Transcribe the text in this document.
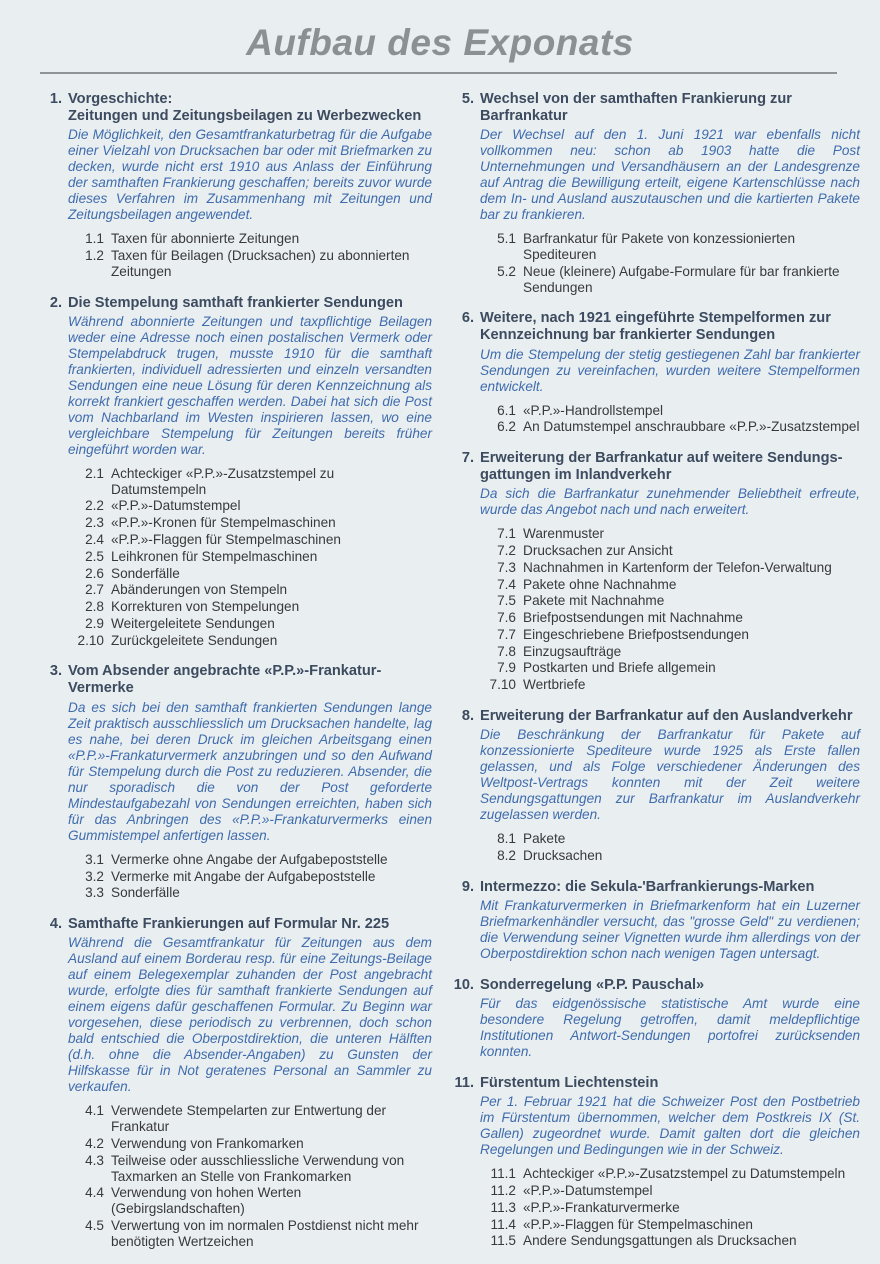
Aufbau des Exponats
1. Vorgeschichte:
Zeitungen und Zeitungsbeilagen zu Werbezwecken

Die Möglichkeit, den Gesamtfrankaturbetrag für die Aufgabe einer Vielzahl von Drucksachen bar oder mit Briefmarken zu decken, wurde nicht erst 1910 aus Anlass der Einführung der samthaften Frankierung geschaffen; bereits zuvor wurde dieses Verfahren im Zusammenhang mit Zeitungen und Zeitungsbeilagen angewendet.

1.1 Taxen für abonnierte Zeitungen
1.2 Taxen für Beilagen (Drucksachen) zu abonnierten Zeitungen
2. Die Stempelung samthaft frankierter Sendungen

Während abonnierte Zeitungen und taxpflichtige Beilagen weder eine Adresse noch einen postalischen Vermerk oder Stempelabdruck trugen, musste 1910 für die samthaft frankierten, individuell adressierten und einzeln versandten Sendungen eine neue Lösung für deren Kennzeichnung als korrekt frankiert geschaffen werden. Dabei hat sich die Post vom Nachbarland im Westen inspirieren lassen, wo eine vergleichbare Stempelung für Zeitungen bereits früher eingeführt worden war.

2.1 Achteckiger «P.P.»-Zusatzstempel zu Datumstempeln
2.2 «P.P.»-Datumstempel
2.3 «P.P.»-Kronen für Stempelmaschinen
2.4 «P.P.»-Flaggen für Stempelmaschinen
2.5 Leihkronen für Stempelmaschinen
2.6 Sonderfälle
2.7 Abänderungen von Stempeln
2.8 Korrekturen von Stempelungen
2.9 Weitergeleitete Sendungen
2.10 Zurückgeleitete Sendungen
3. Vom Absender angebrachte «P.P.»-Frankatur-Vermerke

Da es sich bei den samthaft frankierten Sendungen lange Zeit praktisch ausschliesslich um Drucksachen handelte, lag es nahe, bei deren Druck im gleichen Arbeitsgang einen «P.P.»-Frankaturvermerk anzubringen und so den Aufwand für Stempelung durch die Post zu reduzieren. Absender, die nur sporadisch die von der Post geforderte Mindestaufgabezahl von Sendungen erreichten, haben sich für das Anbringen des «P.P.»-Frankaturvermerks einen Gummistempel anfertigen lassen.

3.1 Vermerke ohne Angabe der Aufgabepoststelle
3.2 Vermerke mit Angabe der Aufgabepoststelle
3.3 Sonderfälle
4. Samthafte Frankierungen auf Formular Nr. 225

Während die Gesamtfrankatur für Zeitungen aus dem Ausland auf einem Borderau resp. für eine Zeitungs-Beilage auf einem Belegexemplar zuhanden der Post angebracht wurde, erfolgte dies für samthaft frankierte Sendungen auf einem eigens dafür geschaffenen Formular. Zu Beginn war vorgesehen, diese periodisch zu verbrennen, doch schon bald entschied die Oberpostdirektion, die unteren Hälften (d.h. ohne die Absender-Angaben) zu Gunsten der Hilfskasse für in Not geratenes Personal an Sammler zu verkaufen.

4.1 Verwendete Stempelarten zur Entwertung der Frankatur
4.2 Verwendung von Frankomarken
4.3 Teilweise oder ausschliessliche Verwendung von Taxmarken an Stelle von Frankomarken
4.4 Verwendung von hohen Werten (Gebirgslandschaften)
4.5 Verwertung von im normalen Postdienst nicht mehr benötigten Wertzeichen
5. Wechsel von der samthaften Frankierung zur
Barfrankatur

Der Wechsel auf den 1. Juni 1921 war ebenfalls nicht vollkommen neu: schon ab 1903 hatte die Post Unternehmungen und Versandhäusern an der Landesgrenze auf Antrag die Bewilligung erteilt, eigene Kartenschlüsse nach dem In- und Ausland auszutauschen und die kartierten Pakete bar zu frankieren.

5.1 Barfrankatur für Pakete von konzessionierten Spediteuren
5.2 Neue (kleinere) Aufgabe-Formulare für bar frankierte Sendungen
6. Weitere, nach 1921 eingeführte Stempelformen zur
Kennzeichnung bar frankierter Sendungen

Um die Stempelung der stetig gestiegenen Zahl bar frankierter Sendungen zu vereinfachen, wurden weitere Stempelformen entwickelt.

6.1 «P.P.»-Handrollstempel
6.2 An Datumstempel anschraubbare «P.P.»-Zusatzstempel
7. Erweiterung der Barfrankatur auf weitere Sendungs-
gattungen im Inlandverkehr

Da sich die Barfrankatur zunehmender Beliebtheit erfreute, wurde das Angebot nach und nach erweitert.

7.1 Warenmuster
7.2 Drucksachen zur Ansicht
7.3 Nachnahmen in Kartenform der Telefon-Verwaltung
7.4 Pakete ohne Nachnahme
7.5 Pakete mit Nachnahme
7.6 Briefpostsendungen mit Nachnahme
7.7 Eingeschriebene Briefpostsendungen
7.8 Einzugsaufträge
7.9 Postkarten und Briefe allgemein
7.10 Wertbriefe
8. Erweiterung der Barfrankatur auf den Auslandverkehr

Die Beschränkung der Barfrankatur für Pakete auf konzessionierte Spediteure wurde 1925 als Erste fallen gelassen, und als Folge verschiedener Änderungen des Weltpost-Vertrags konnten mit der Zeit weitere Sendungsgattungen zur Barfrankatur im Auslandverkehr zugelassen werden.

8.1 Pakete
8.2 Drucksachen
9. Intermezzo: die Sekula-'Barfrankierungs-Marken

Mit Frankaturvermerken in Briefmarkenform hat ein Luzerner Briefmarkenhändler versucht, das "grosse Geld" zu verdienen; die Verwendung seiner Vignetten wurde ihm allerdings von der Oberpostdirektion schon nach wenigen Tagen untersagt.

10. Sonderregelung «P.P. Pauschal»

Für das eidgenössische statistische Amt wurde eine besondere Regelung getroffen, damit meldepflichtige Institutionen Antwort-Sendungen portofrei zurücksenden konnten.

11. Fürstentum Liechtenstein

Per 1. Februar 1921 hat die Schweizer Post den Postbetrieb im Fürstentum übernommen, welcher dem Postkreis IX (St. Gallen) zugeordnet wurde. Damit galten dort die gleichen Regelungen und Bedingungen wie in der Schweiz.

11.1 Achteckiger «P.P.»-Zusatzstempel zu Datumstempeln
11.2 «P.P.»-Datumstempel
11.3 «P.P.»-Frankaturvermerke
11.4 «P.P.»-Flaggen für Stempelmaschinen
11.5 Andere Sendungsgattungen als Drucksachen
